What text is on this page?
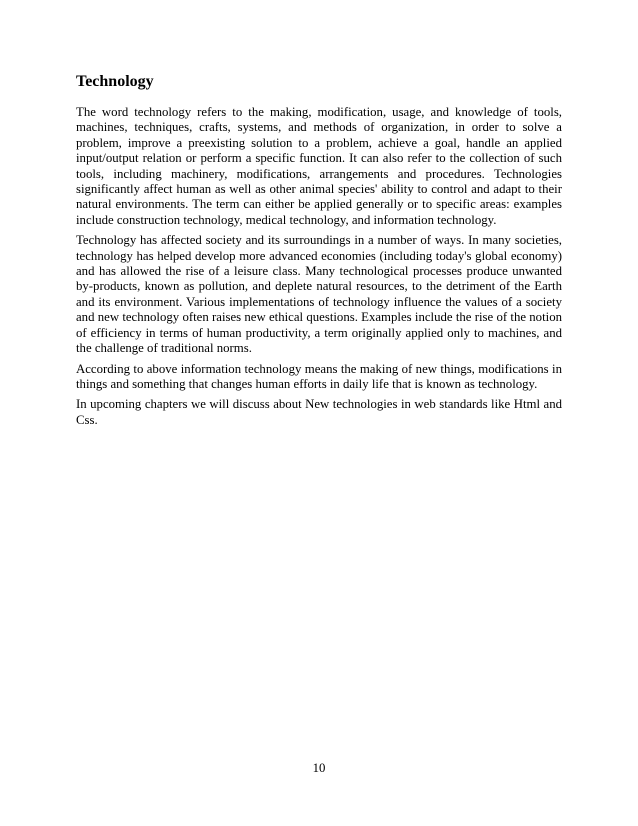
Technology

The word technology refers to the making, modification, usage, and knowledge of tools, machines, techniques, crafts, systems, and methods of organization, in order to solve a problem, improve a preexisting solution to a problem, achieve a goal, handle an applied input/output relation or perform a specific function. It can also refer to the collection of such tools, including machinery, modifications, arrangements and procedures. Technologies significantly affect human as well as other animal species' ability to control and adapt to their natural environments. The term can either be applied generally or to specific areas: examples include construction technology, medical technology, and information technology.

Technology has affected society and its surroundings in a number of ways. In many societies, technology has helped develop more advanced economies (including today's global economy) and has allowed the rise of a leisure class. Many technological processes produce unwanted by-products, known as pollution, and deplete natural resources, to the detriment of the Earth and its environment. Various implementations of technology influence the values of a society and new technology often raises new ethical questions. Examples include the rise of the notion of efficiency in terms of human productivity, a term originally applied only to machines, and the challenge of traditional norms.

According to above information technology means the making of new things, modifications in things and something that changes human efforts in daily life that is known as technology.

In upcoming chapters we will discuss about New technologies in web standards like Html and Css.

10
